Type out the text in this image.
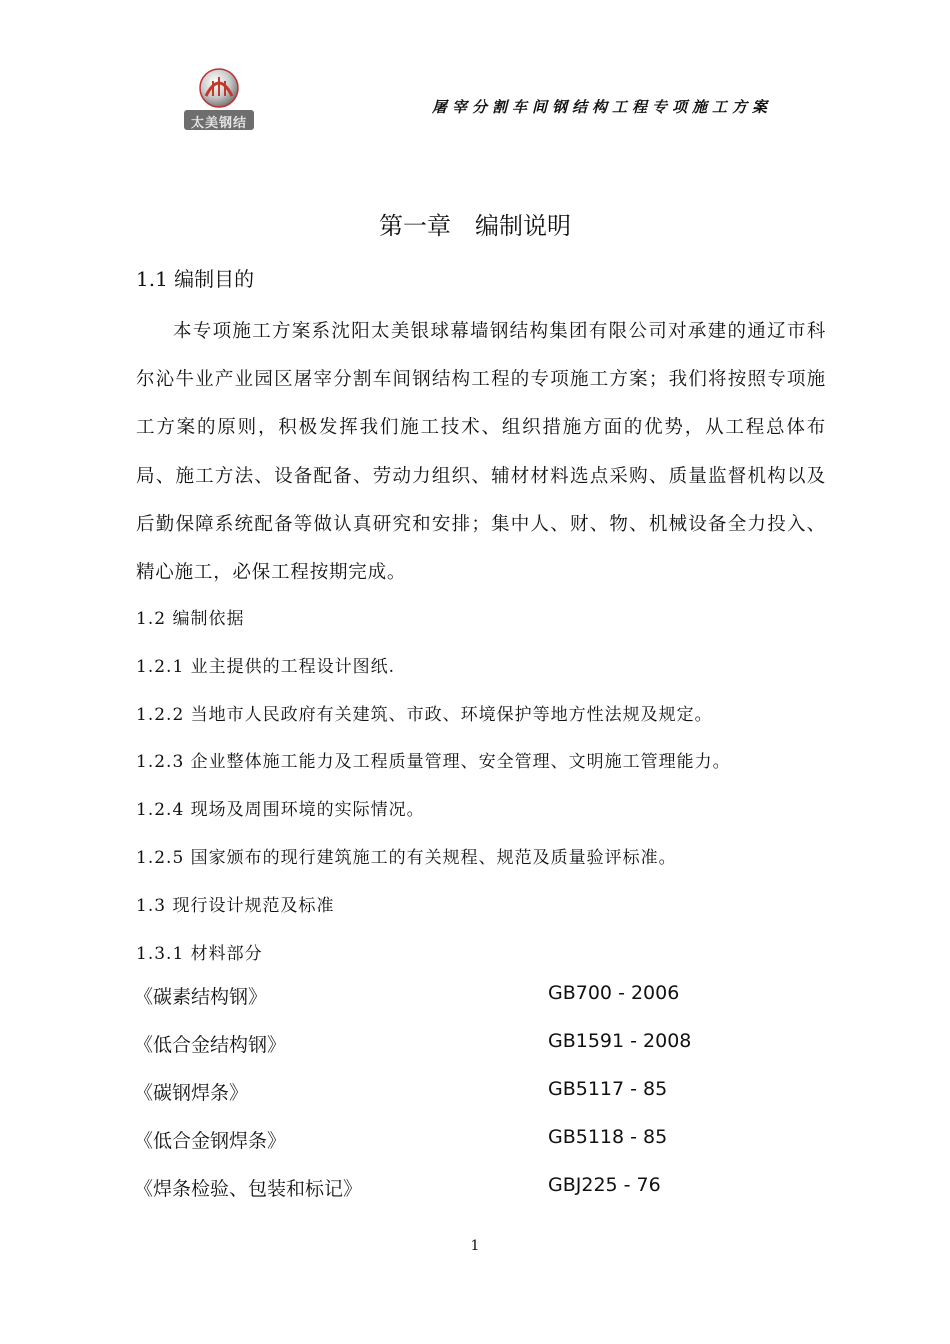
太美钢结
屠宰分割车间钢结构工程专项施工方案
第一章　编制说明
1.1 编制目的

本专项施工方案系沈阳太美银球幕墙钢结构集团有限公司对承建的通辽市科尔沁牛业产业园区屠宰分割车间钢结构工程的专项施工方案；我们将按照专项施工方案的原则，积极发挥我们施工技术、组织措施方面的优势，从工程总体布局、施工方法、设备配备、劳动力组织、辅材材料选点采购、质量监督机构以及后勤保障系统配备等做认真研究和安排；集中人、财、物、机械设备全力投入、精心施工，必保工程按期完成。

1.2 编制依据
1.2.1 业主提供的工程设计图纸.
1.2.2 当地市人民政府有关建筑、市政、环境保护等地方性法规及规定。
1.2.3 企业整体施工能力及工程质量管理、安全管理、文明施工管理能力。
1.2.4 现场及周围环境的实际情况。
1.2.5 国家颁布的现行建筑施工的有关规程、规范及质量验评标准。
1.3 现行设计规范及标准
1.3.1 材料部分
《碳素结构钢》	GB700 - 2006
《低合金结构钢》	GB1591 - 2008
《碳钢焊条》	GB5117 - 85
《低合金钢焊条》	GB5118 - 85
《焊条检验、包装和标记》	GBJ225 - 76
1
